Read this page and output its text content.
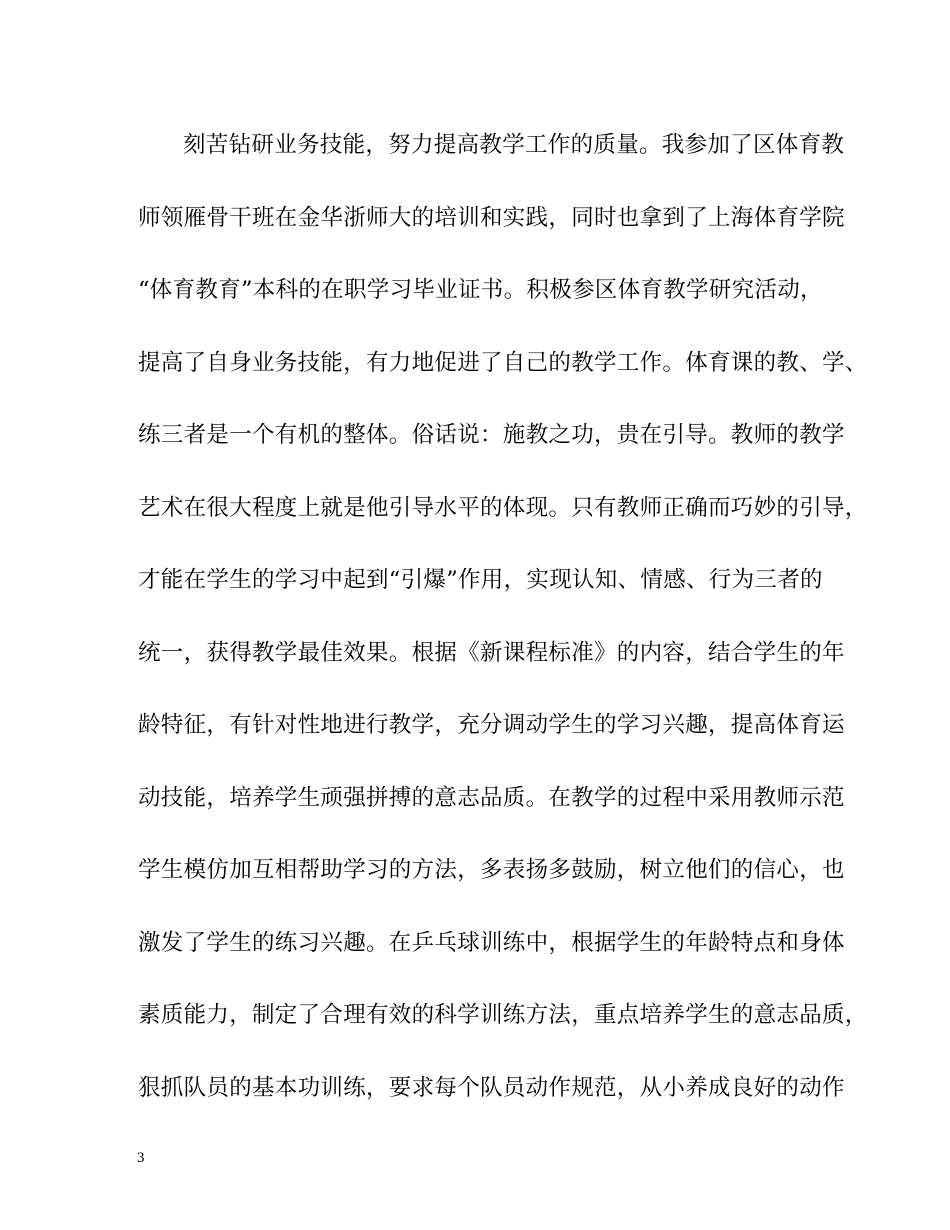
刻苦钻研业务技能，努力提高教学工作的质量。我参加了区体育教
师领雁骨干班在金华浙师大的培训和实践，同时也拿到了上海体育学院
“体育教育”本科的在职学习毕业证书。积极参区体育教学研究活动，
提高了自身业务技能，有力地促进了自己的教学工作。体育课的教、学、
练三者是一个有机的整体。俗话说：施教之功，贵在引导。教师的教学
艺术在很大程度上就是他引导水平的体现。只有教师正确而巧妙的引导，
才能在学生的学习中起到“引爆”作用，实现认知、情感、行为三者的
统一，获得教学最佳效果。根据《新课程标准》的内容，结合学生的年
龄特征，有针对性地进行教学，充分调动学生的学习兴趣，提高体育运
动技能，培养学生顽强拼搏的意志品质。在教学的过程中采用教师示范
学生模仿加互相帮助学习的方法，多表扬多鼓励，树立他们的信心，也
激发了学生的练习兴趣。在乒乓球训练中，根据学生的年龄特点和身体
素质能力，制定了合理有效的科学训练方法，重点培养学生的意志品质，
狠抓队员的基本功训练，要求每个队员动作规范，从小养成良好的动作
3
